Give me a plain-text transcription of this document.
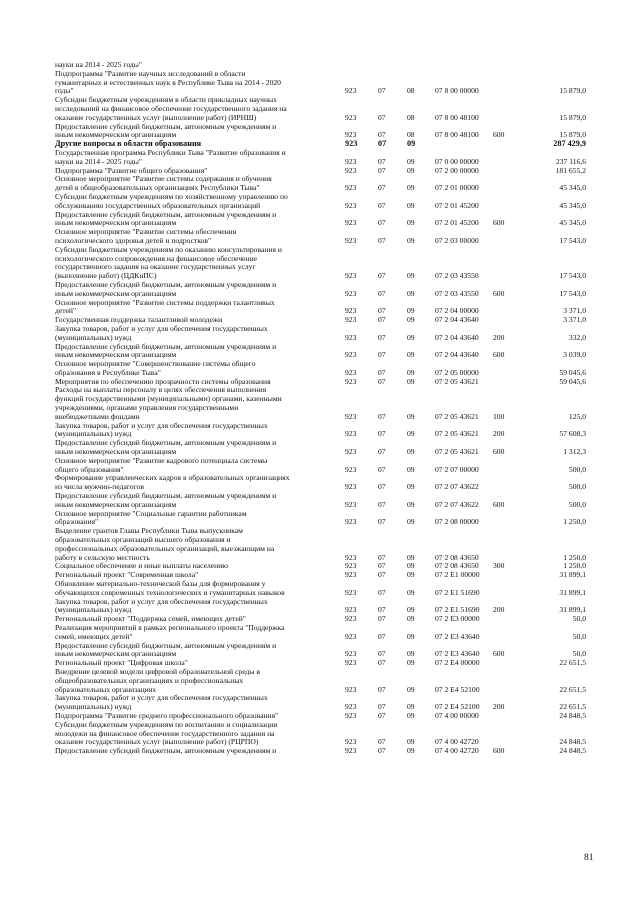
науки на 2014 - 2025 годы"
Подпрограмма "Развитие научных исследований в области
гуманитарных и естественных наук в Республике Тыва на 2014 - 2020
годы"	923	07	08	07 8 00 00000	15 879,0
Субсидии бюджетным учреждениям в области прикладных научных
исследований на финансовое обеспечение государственного задания на
оказание государственных услуг (выполнение работ) (ИРНШ)	923	07	08	07 8 00 48100	15 879,0
Предоставление субсидий бюджетным, автономным учреждениям и
иным некоммерческим организациям	923	07	08	07 8 00 48100 600	15 879,0
Другие вопросы в области образования	923	07	09	287 429,9
Государственная программа Республики Тыва "Развитие образования и
науки на 2014 - 2025 годы"	923	07	09	07 0 00 00000	237 116,6
Подпрограмма "Развитие общего образования"	923	07	09	07 2 00 00000	181 655,2
Основное мероприятие "Развитие системы содержания и обучения
детей в общеобразовательных организациях Республики Тыва"	923	07	09	07 2 01 00000	45 345,0
Субсидии бюджетным учреждениям по хозяйственному управлению по
обслуживанию государственных образовательных организаций	923	07	09	07 2 01 45200	45 345,0
Предоставление субсидий бюджетным, автономным учреждениям и
иным некоммерческим организациям	923	07	09	07 2 01 45200 600	45 345,0
Основное мероприятие "Развитие системы обеспечения
психологического здоровья детей и подростков"	923	07	09	07 2 03 00000	17 543,0
Субсидии бюджетным учреждениям по оказанию консультирования и
психологического сопровождения на финансовое обеспечение
государственного задания на оказание государственных услуг
(выполнение работ) (ЦДКиПС)	923	07	09	07 2 03 43550	17 543,0
Предоставление субсидий бюджетным, автономным учреждениям и
иным некоммерческим организациям	923	07	09	07 2 03 43550 600	17 543,0
Основное мероприятие "Развитие системы поддержки талантливых
детей"	923	07	09	07 2 04 00000	3 371,0
Государственная поддержка талантливой молодежи	923	07	09	07 2 04 43640	3 371,0
Закупка товаров, работ и услуг для обеспечения государственных
(муниципальных) нужд	923	07	09	07 2 04 43640 200	332,0
Предоставление субсидий бюджетным, автономным учреждениям и
иным некоммерческим организациям	923	07	09	07 2 04 43640 600	3 039,0
Основное мероприятие "Совершенствование системы общего
образования в Республике Тыва"	923	07	09	07 2 05 00000	59 045,6
Мероприятия по обеспечению прозрачности системы образования	923	07	09	07 2 05 43621	59 045,6
Расходы на выплаты персоналу в целях обеспечения выполнения
функций государственными (муниципальными) органами, казенными
учреждениями, органами управления государственными
внебюджетными фондами	923	07	09	07 2 05 43621 100	125,0
Закупка товаров, работ и услуг для обеспечения государственных
(муниципальных) нужд	923	07	09	07 2 05 43621 200	57 608,3
Предоставление субсидий бюджетным, автономным учреждениям и
иным некоммерческим организациям	923	07	09	07 2 05 43621 600	1 312,3
Основное мероприятие "Развитие кадрового потенциала системы
общего образования"	923	07	09	07 2 07 00000	500,0
Формирование управленческих кадров в образовательных организациях
из числа мужчин-педагогов	923	07	09	07 2 07 43622	500,0
Предоставление субсидий бюджетным, автономным учреждениям и
иным некоммерческим организациям	923	07	09	07 2 07 43622 600	500,0
Основное мероприятие "Социальные гарантии работникам
образования"	923	07	09	07 2 08 00000	1 250,0
Выделение грантов Главы Республики Тыва выпускникам
образовательных организаций высшего образования и
профессиональных образовательных организаций, выезжающим на
работу в сельскую местность	923	07	09	07 2 08 43650	1 250,0
Социальное обеспечение и иные выплаты населению	923	07	09	07 2 08 43650 300	1 250,0
Региональный проект "Современная школа"	923	07	09	07 2 E1 00000	31 899,1
Обновление материально-технической базы для формирования у
обучающихся современных технологических и гуманитарных навыков	923	07	09	07 2 E1 51690	31 899,1
Закупка товаров, работ и услуг для обеспечения государственных
(муниципальных) нужд	923	07	09	07 2 E1 51690 200	31 899,1
Региональный проект "Поддержка семей, имеющих детей"	923	07	09	07 2 E3 00000	50,0
Реализация мероприятий в рамках регионального проекта "Поддержка
семей, имеющих детей"	923	07	09	07 2 E3 43640	50,0
Предоставление субсидий бюджетным, автономным учреждениям и
иным некоммерческим организациям	923	07	09	07 2 E3 43640 600	50,0
Региональный проект "Цифровая школа"	923	07	09	07 2 E4 00000	22 651,5
Внедрение целевой модели цифровой образовательной среды в
общеобразовательных организациях и профессиональных
образовательных организациях	923	07	09	07 2 E4 52100	22 651,5
Закупка товаров, работ и услуг для обеспечения государственных
(муниципальных) нужд	923	07	09	07 2 E4 52100 200	22 651,5
Подпрограмма "Развитие среднего профессионального образования"	923	07	09	07 4 00 00000	24 848,5
Субсидии бюджетным учреждениям по воспитанию и социализации
молодежи на финансовое обеспечение государственного задания на
оказание государственных услуг (выполнение работ) (РЦРПО)	923	07	09	07 4 00 42720	24 848,5
Предоставление субсидий бюджетным, автономным учреждениям и	923	07	09	07 4 00 42720 600	24 848,5
81
